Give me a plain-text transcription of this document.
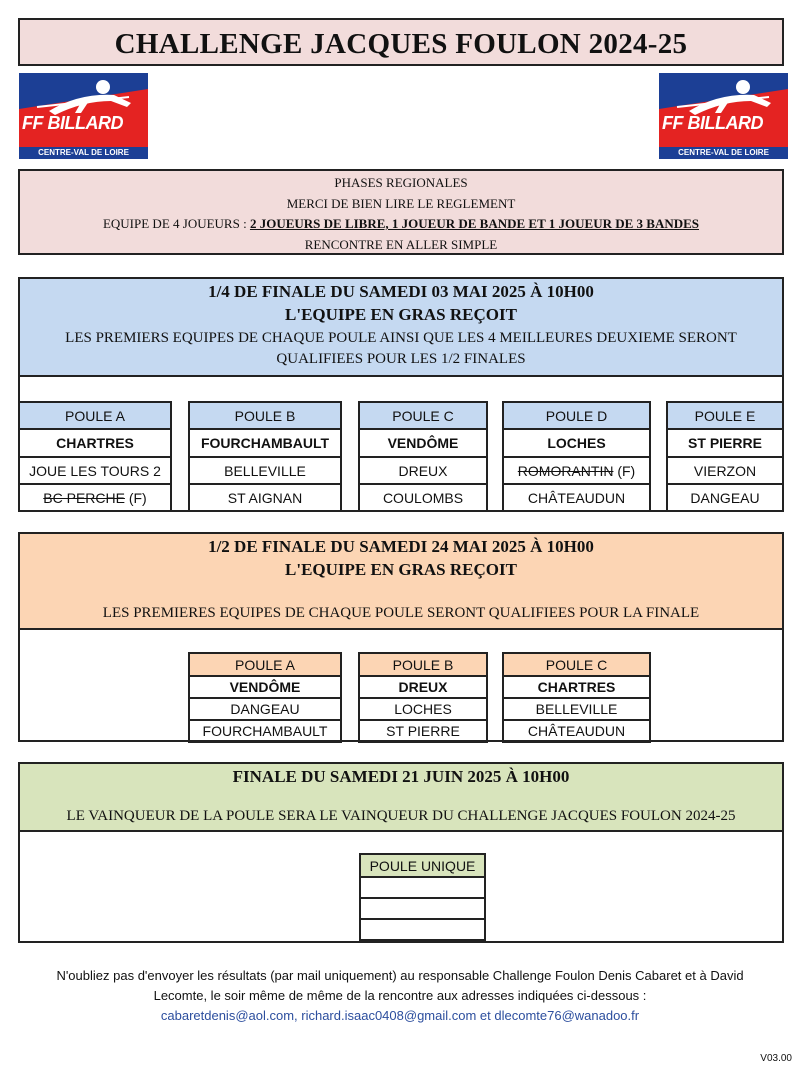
CHALLENGE JACQUES FOULON 2024-25
FF BILLARD
CENTRE-VAL DE LOIRE
FF BILLARD
CENTRE-VAL DE LOIRE
PHASES REGIONALES
MERCI DE BIEN LIRE LE REGLEMENT
EQUIPE DE 4 JOUEURS : 2 JOUEURS DE LIBRE, 1 JOUEUR DE BANDE ET 1 JOUEUR DE 3 BANDES
RENCONTRE EN ALLER SIMPLE
1/4 DE FINALE DU SAMEDI 03 MAI 2025 À 10H00
L'EQUIPE EN GRAS REÇOIT
LES PREMIERS EQUIPES DE CHAQUE POULE AINSI QUE LES 4 MEILLEURES DEUXIEME SERONT
QUALIFIEES POUR LES 1/2 FINALES
POULE A
CHARTRES
JOUE LES TOURS 2
BC PERCHE (F)
POULE B
FOURCHAMBAULT
BELLEVILLE
ST AIGNAN
POULE C
VENDÔME
DREUX
COULOMBS
POULE D
LOCHES
ROMORANTIN (F)
CHÂTEAUDUN
POULE E
ST PIERRE
VIERZON
DANGEAU
1/2 DE FINALE DU SAMEDI 24 MAI 2025 À 10H00
L'EQUIPE EN GRAS REÇOIT
LES PREMIERES EQUIPES DE CHAQUE POULE SERONT QUALIFIEES POUR LA FINALE
POULE A
VENDÔME
DANGEAU
FOURCHAMBAULT
POULE B
DREUX
LOCHES
ST PIERRE
POULE C
CHARTRES
BELLEVILLE
CHÂTEAUDUN
FINALE DU SAMEDI 21 JUIN 2025 À 10H00
LE VAINQUEUR DE LA POULE SERA LE VAINQUEUR DU CHALLENGE JACQUES FOULON 2024-25
POULE UNIQUE

N'oubliez pas d'envoyer les résultats (par mail uniquement) au responsable Challenge Foulon Denis Cabaret et à David
Lecomte, le soir même de même de la rencontre aux adresses indiquées ci-dessous :
cabaretdenis@aol.com, richard.isaac0408@gmail.com et dlecomte76@wanadoo.fr
V03.00
